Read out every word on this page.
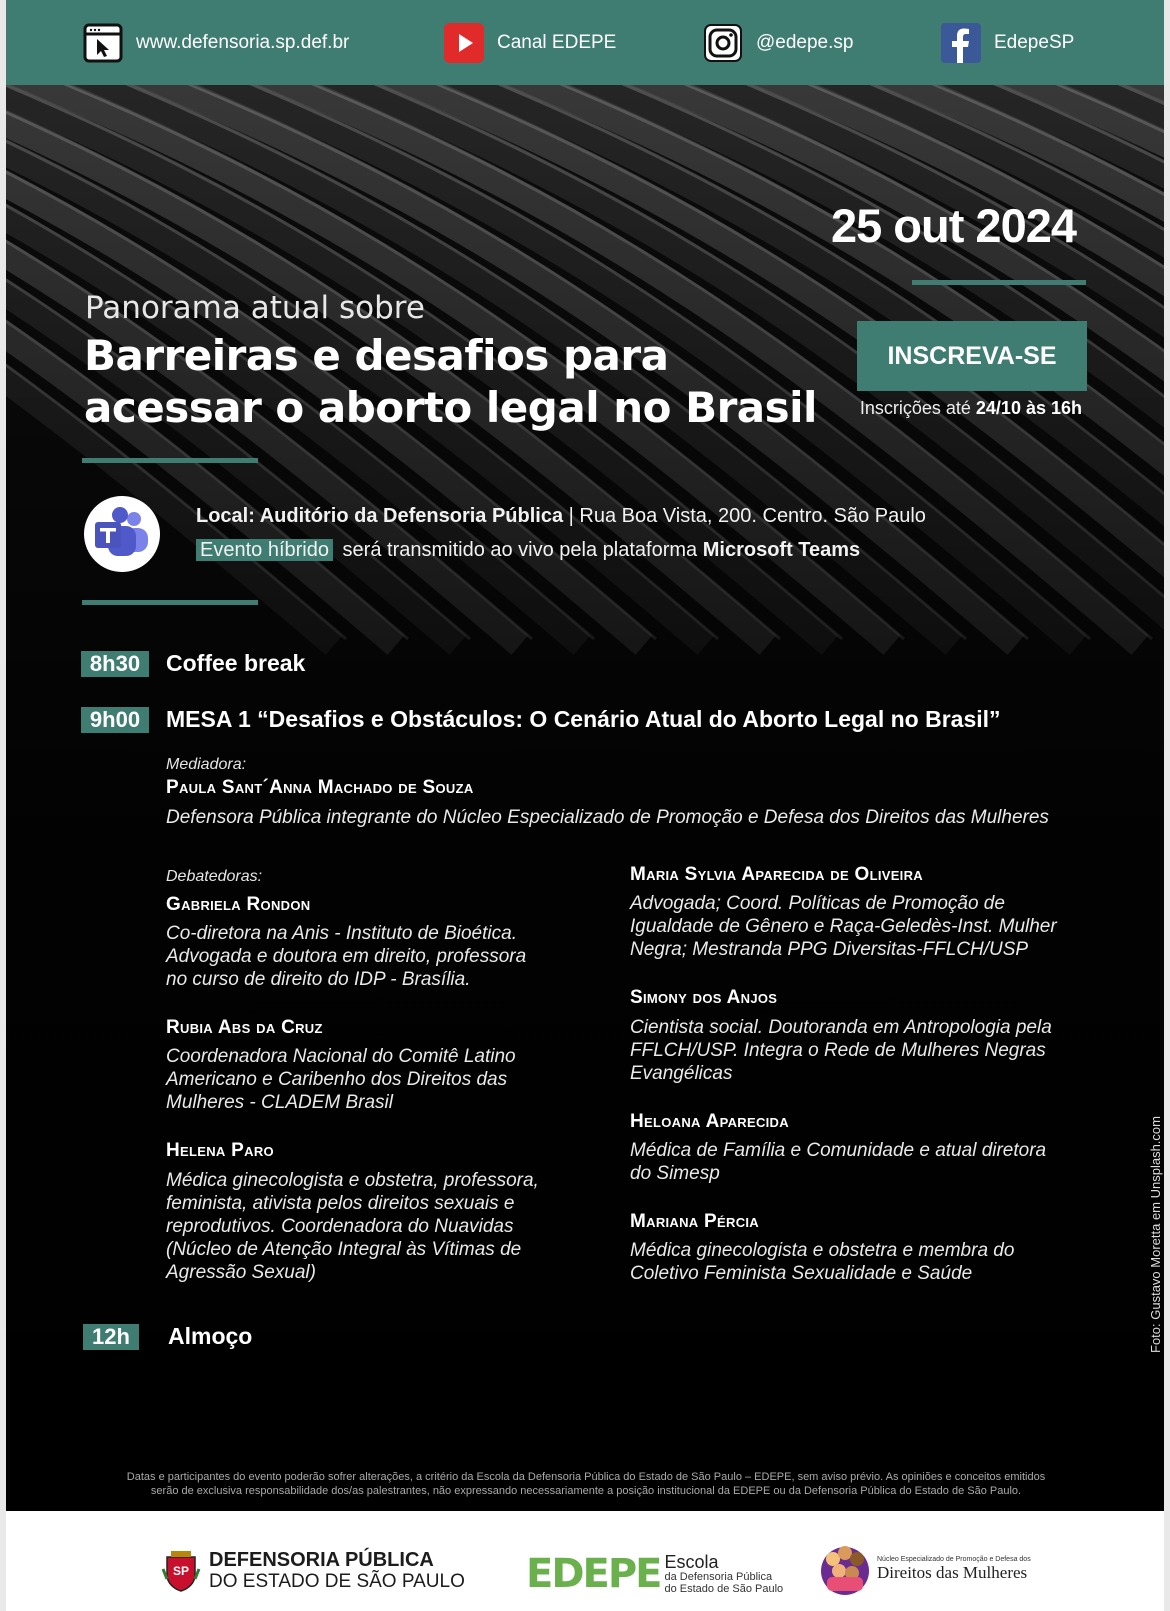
www.defensoria.sp.def.br	Canal EDEPE	@edepe.sp	EdepeSP
25 out 2024
Panorama atual sobre
Barreiras e desafios para
acessar o aborto legal no Brasil
INSCREVA-SE
Inscrições até 24/10 às 16h
Local: Auditório da Defensoria Pública | Rua Boa Vista, 200. Centro. São Paulo
Evento híbrido será transmitido ao vivo pela plataforma Microsoft Teams
8h30	Coffee break
9h00	MESA 1 “Desafios e Obstáculos: O Cenário Atual do Aborto Legal no Brasil”
Mediadora:
Paula Sant´Anna Machado de Souza
Defensora Pública integrante do Núcleo Especializado de Promoção e Defesa dos Direitos das Mulheres
Debatedoras:
Gabriela Rondon
Co-diretora na Anis - Instituto de Bioética.
Advogada e doutora em direito, professora
no curso de direito do IDP - Brasília.
Rubia Abs da Cruz
Coordenadora Nacional do Comitê Latino
Americano e Caribenho dos Direitos das
Mulheres - CLADEM Brasil
Helena Paro
Médica ginecologista e obstetra, professora,
feminista, ativista pelos direitos sexuais e
reprodutivos. Coordenadora do Nuavidas
(Núcleo de Atenção Integral às Vítimas de
Agressão Sexual)
Maria Sylvia Aparecida de Oliveira
Advogada; Coord. Políticas de Promoção de
Igualdade de Gênero e Raça-Geledès-Inst. Mulher
Negra; Mestranda PPG Diversitas-FFLCH/USP
Simony dos Anjos
Cientista social. Doutoranda em Antropologia pela
FFLCH/USP. Integra o Rede de Mulheres Negras
Evangélicas
Heloana Aparecida
Médica de Família e Comunidade e atual diretora
do Simesp
Mariana Pércia
Médica ginecologista e obstetra e membra do
Coletivo Feminista Sexualidade e Saúde
12h	Almoço	Foto: Gustavo Moretta em Unsplash.com
Datas e participantes do evento poderão sofrer alterações, a critério da Escola da Defensoria Pública do Estado de São Paulo – EDEPE, sem aviso prévio. As opiniões e conceitos emitidos
serão de exclusiva responsabilidade dos/as palestrantes, não expressando necessariamente a posição institucional da EDEPE ou da Defensoria Pública do Estado de São Paulo.
SP DEFENSORIA PÚBLICA
DO ESTADO DE SÃO PAULO EDEPE Escola
da Defensoria Pública
do Estado de São Paulo
Núcleo Especializado de Promoção e Defesa dos
Direitos das Mulheres
